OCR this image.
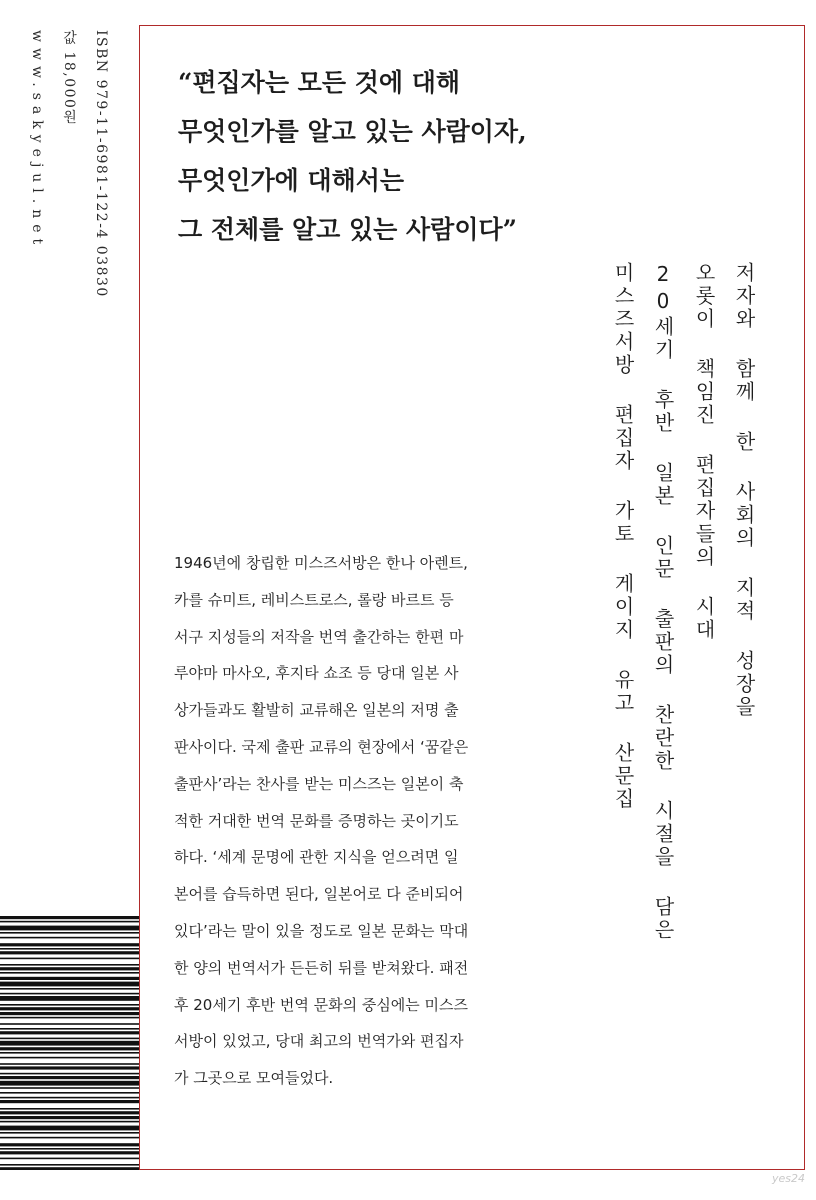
“편집자는 모든 것에 대해
무엇인가를 알고 있는 사람이자,
무엇인가에 대해서는
그 전체를 알고 있는 사람이다”
저자와 함께 한 사회의 지적 성장을
오롯이 책임진 편집자들의 시대
20세기 후반 일본 인문 출판의 찬란한 시절을 담은
미스즈서방 편집자 가토 게이지 유고 산문집
ISBN 979-11-6981-122-4 03830
값 18,000원
www.sakyejul.net
1946년에 창립한 미스즈서방은 한나 아렌트,
카를 슈미트, 레비스트로스, 롤랑 바르트 등
서구 지성들의 저작을 번역 출간하는 한편 마
루야마 마사오, 후지타 쇼조 등 당대 일본 사
상가들과도 활발히 교류해온 일본의 저명 출
판사이다. 국제 출판 교류의 현장에서 ‘꿈같은
출판사’라는 찬사를 받는 미스즈는 일본이 축
적한 거대한 번역 문화를 증명하는 곳이기도
하다. ‘세계 문명에 관한 지식을 얻으려면 일
본어를 습득하면 된다, 일본어로 다 준비되어
있다’라는 말이 있을 정도로 일본 문화는 막대
한 양의 번역서가 든든히 뒤를 받쳐왔다. 패전
후 20세기 후반 번역 문화의 중심에는 미스즈
서방이 있었고, 당대 최고의 번역가와 편집자
가 그곳으로 모여들었다.
yes24
